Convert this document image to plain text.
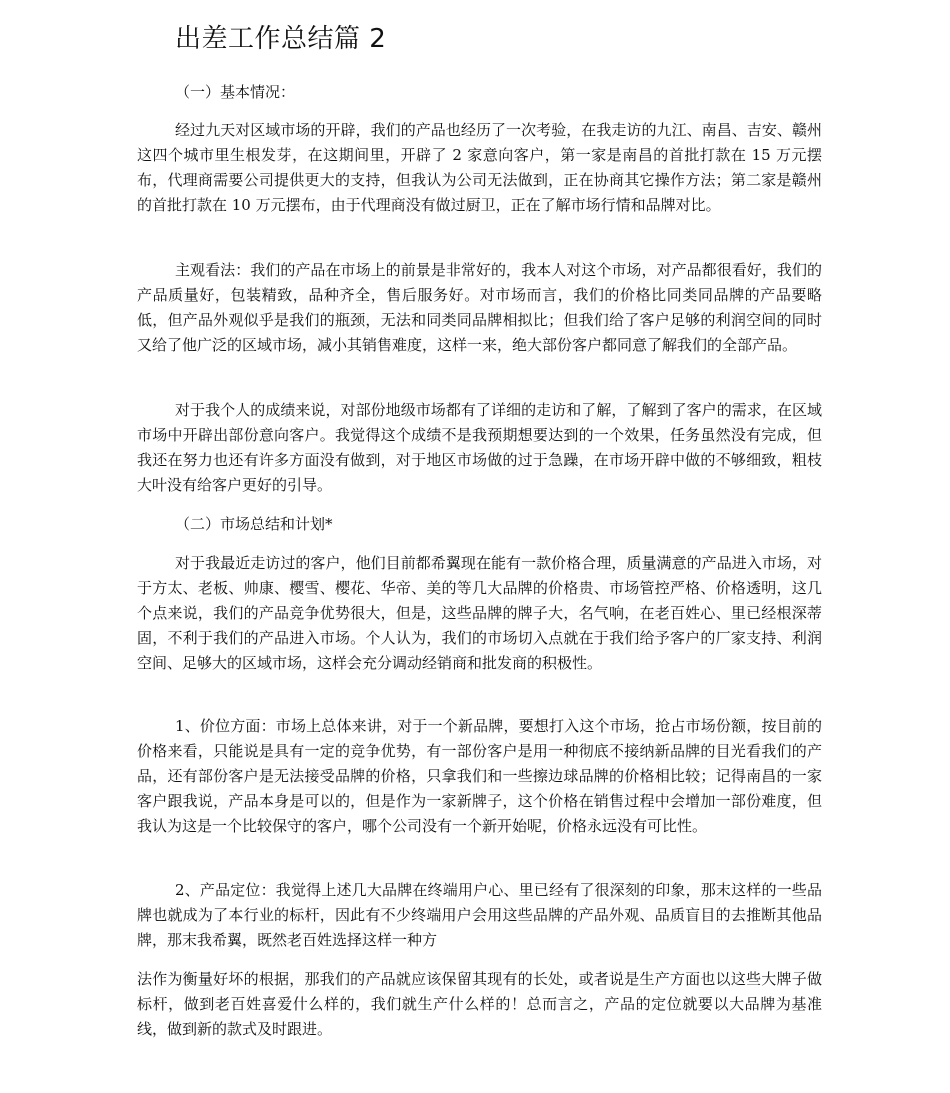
出差工作总结篇 2
（一）基本情况：

经过九天对区域市场的开辟，我们的产品也经历了一次考验，在我走访的九江、南昌、吉安、赣州这四个城市里生根发芽，在这期间里，开辟了 2 家意向客户，第一家是南昌的首批打款在 15 万元摆布，代理商需要公司提供更大的支持，但我认为公司无法做到，正在协商其它操作方法；第二家是赣州的首批打款在 10 万元摆布，由于代理商没有做过厨卫，正在了解市场行情和品牌对比。

主观看法：我们的产品在市场上的前景是非常好的，我本人对这个市场，对产品都很看好，我们的产品质量好，包装精致，品种齐全，售后服务好。对市场而言，我们的价格比同类同品牌的产品要略低，但产品外观似乎是我们的瓶颈，无法和同类同品牌相拟比；但我们给了客户足够的利润空间的同时又给了他广泛的区域市场，减小其销售难度，这样一来，绝大部份客户都同意了解我们的全部产品。

对于我个人的成绩来说，对部份地级市场都有了详细的走访和了解，了解到了客户的需求，在区域市场中开辟出部份意向客户。我觉得这个成绩不是我预期想要达到的一个效果，任务虽然没有完成，但我还在努力也还有许多方面没有做到，对于地区市场做的过于急躁，在市场开辟中做的不够细致，粗枝大叶没有给客户更好的引导。

（二）市场总结和计划*

对于我最近走访过的客户，他们目前都希翼现在能有一款价格合理，质量满意的产品进入市场，对于方太、老板、帅康、樱雪、樱花、华帝、美的等几大品牌的价格贵、市场管控严格、价格透明，这几个点来说，我们的产品竞争优势很大，但是，这些品牌的牌子大，名气响，在老百姓心、里已经根深蒂固，不利于我们的产品进入市场。个人认为，我们的市场切入点就在于我们给予客户的厂家支持、利润空间、足够大的区域市场，这样会充分调动经销商和批发商的积极性。

1、价位方面：市场上总体来讲，对于一个新品牌，要想打入这个市场，抢占市场份额，按目前的价格来看，只能说是具有一定的竞争优势，有一部份客户是用一种彻底不接纳新品牌的目光看我们的产品，还有部份客户是无法接受品牌的价格，只拿我们和一些擦边球品牌的价格相比较；记得南昌的一家客户跟我说，产品本身是可以的，但是作为一家新牌子，这个价格在销售过程中会增加一部份难度，但我认为这是一个比较保守的客户，哪个公司没有一个新开始呢，价格永远没有可比性。

2、产品定位：我觉得上述几大品牌在终端用户心、里已经有了很深刻的印象，那末这样的一些品牌也就成为了本行业的标杆，因此有不少终端用户会用这些品牌的产品外观、品质盲目的去推断其他品牌，那末我希翼，既然老百姓选择这样一种方

法作为衡量好坏的根据，那我们的产品就应该保留其现有的长处，或者说是生产方面也以这些大牌子做标杆，做到老百姓喜爱什么样的，我们就生产什么样的！总而言之，产品的定位就要以大品牌为基准线，做到新的款式及时跟进。
